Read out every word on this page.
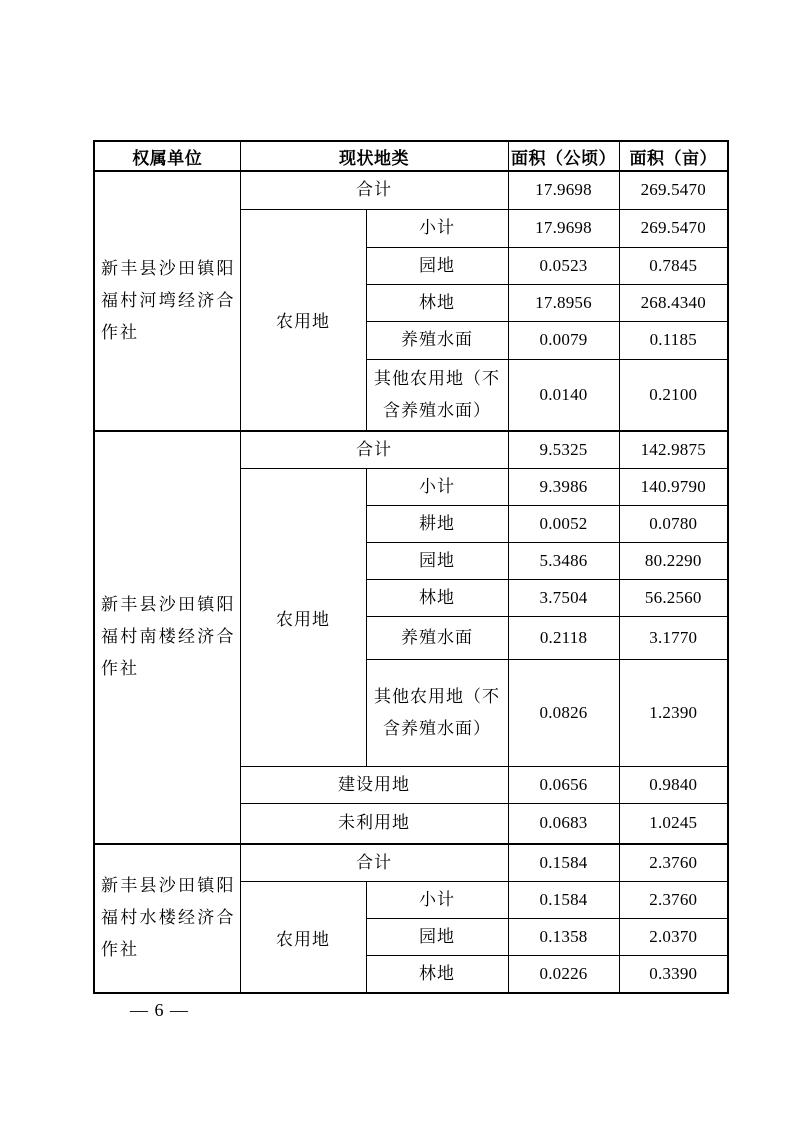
权属单位	现状地类		面积（公顷）	面积（亩）
新丰县沙田镇阳福村河塆经济合作社	合计		17.9698	269.5470
	农用地	小计	17.9698	269.5470
		园地	0.0523	0.7845
		林地	17.8956	268.4340
		养殖水面	0.0079	0.1185
		其他农用地（不含养殖水面）	0.0140	0.2100
新丰县沙田镇阳福村南楼经济合作社	合计		9.5325	142.9875
	农用地	小计	9.3986	140.9790
		耕地	0.0052	0.0780
		园地	5.3486	80.2290
		林地	3.7504	56.2560
		养殖水面	0.2118	3.1770
		其他农用地（不含养殖水面）	0.0826	1.2390
	建设用地		0.0656	0.9840
	未利用地		0.0683	1.0245
新丰县沙田镇阳福村水楼经济合作社	合计		0.1584	2.3760
	农用地	小计	0.1584	2.3760
		园地	0.1358	2.0370
		林地	0.0226	0.3390
— 6 —
